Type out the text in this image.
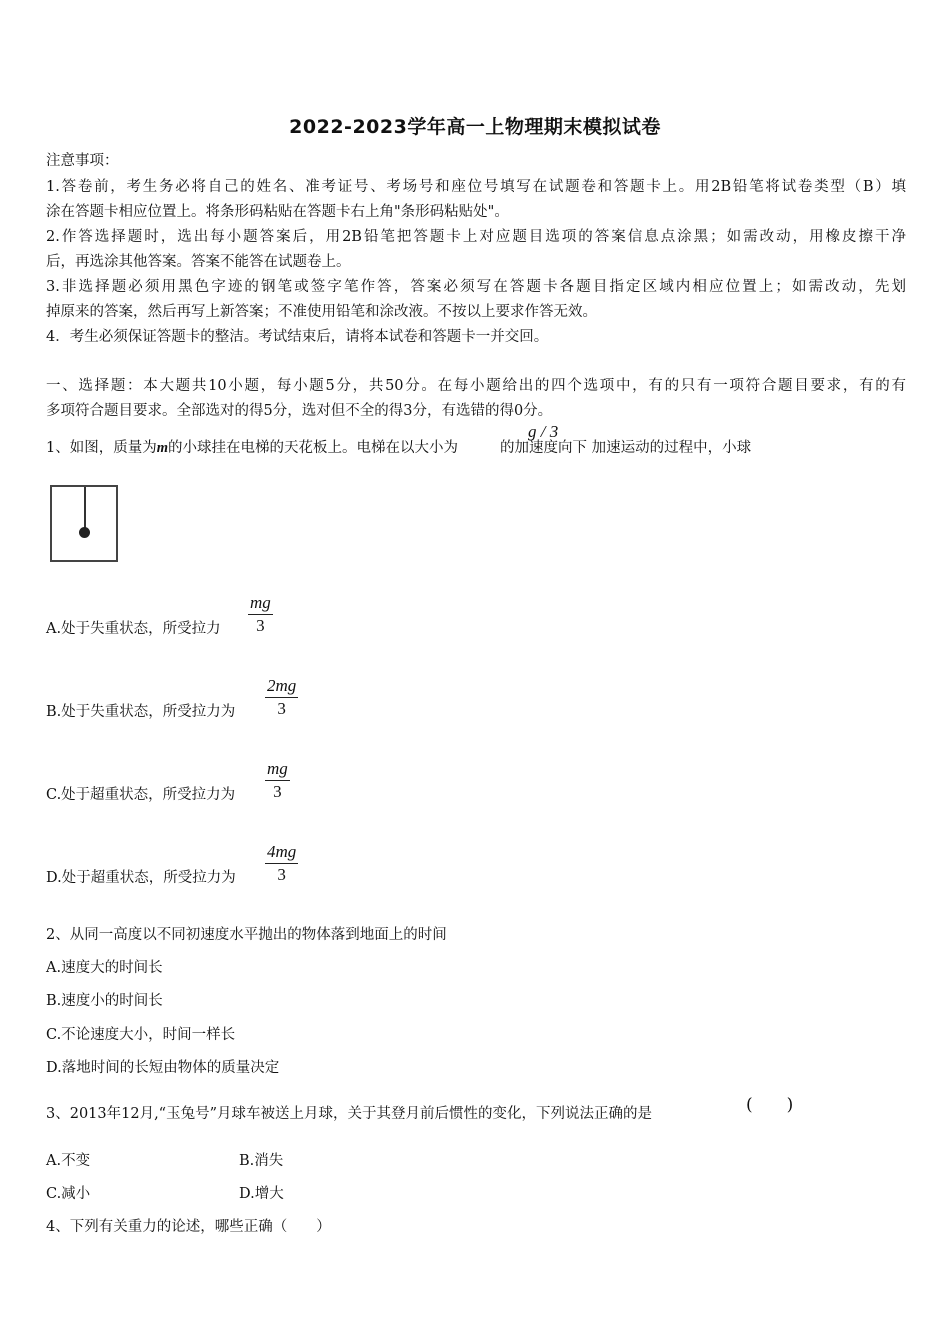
2022-2023学年高一上物理期末模拟试卷
注意事项：
1.答卷前，考生务必将自己的姓名、准考证号、考场号和座位号填写在试题卷和答题卡上。用2B铅笔将试卷类型（B）填
涂在答题卡相应位置上。将条形码粘贴在答题卡右上角"条形码粘贴处"。
2.作答选择题时，选出每小题答案后，用2B铅笔把答题卡上对应题目选项的答案信息点涂黑；如需改动，用橡皮擦干净
后，再选涂其他答案。答案不能答在试题卷上。
3.非选择题必须用黑色字迹的钢笔或签字笔作答，答案必须写在答题卡各题目指定区域内相应位置上；如需改动，先划
掉原来的答案，然后再写上新答案；不准使用铅笔和涂改液。不按以上要求作答无效。
4．考生必须保证答题卡的整洁。考试结束后，请将本试卷和答题卡一并交回。
一、选择题：本大题共10小题，每小题5分，共50分。在每小题给出的四个选项中，有的只有一项符合题目要求，有的有
多项符合题目要求。全部选对的得5分，选对但不全的得3分，有选错的得0分。
1、如图，质量为m的小球挂在电梯的天花板上。电梯在以大小为	的加速度向下 加速运动的过程中，小球
g / 3
A.处于失重状态，所受拉力 $\frac{mg}{3}$
B.处于失重状态，所受拉力为 $\frac{2mg}{3}$
C.处于超重状态，所受拉力为 $\frac{mg}{3}$
D.处于超重状态，所受拉力为 $\frac{4mg}{3}$
2、从同一高度以不同初速度水平抛出的物体落到地面上的时间
A.速度大的时间长
B.速度小的时间长
C.不论速度大小，时间一样长
D.落地时间的长短由物体的质量决定
3、2013年12月,“玉兔号”月球车被送上月球，关于其登月前后惯性的变化，下列说法正确的是	(　　)
A.不变	B.消失
C.减小	D.增大
4、下列有关重力的论述，哪些正确（　　）
